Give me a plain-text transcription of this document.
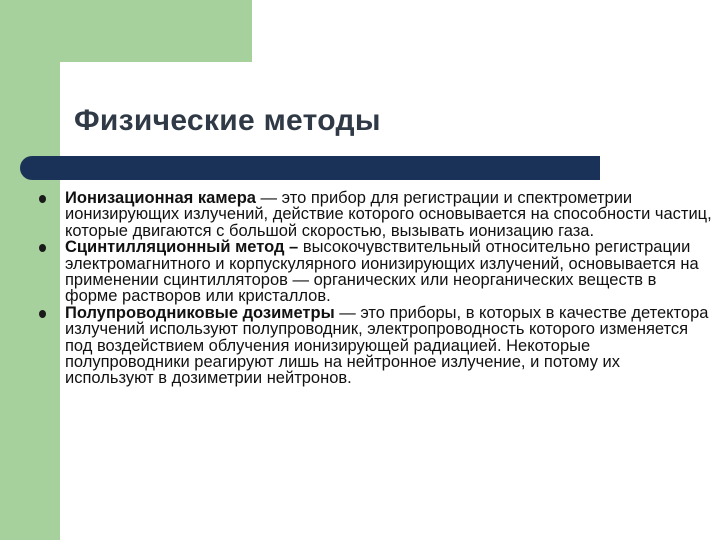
Физические методы
Ионизационная камера — это прибор для регистрации и спектрометрии ионизирующих излучений, действие которого основывается на способности частиц, которые двигаются с большой скоростью, вызывать ионизацию газа.
Сцинтилляционный метод – высокочувствительный относительно регистрации электромагнитного и корпускулярного ионизирующих излучений, основывается на применении сцинтилляторов — органических или неорганических веществ в форме растворов или кристаллов.
Полупроводниковые дозиметры — это приборы, в которых в качестве детектора излучений используют полупроводник, электропроводность которого изменяется под воздействием облучения ионизирующей радиацией. Некоторые полупроводники реагируют лишь на нейтронное излучение, и потому их используют в дозиметрии нейтронов.
